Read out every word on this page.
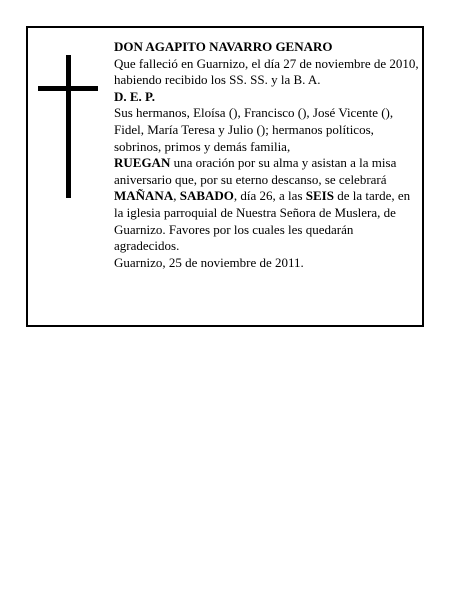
DON AGAPITO NAVARRO GENARO

Que falleció en Guarnizo, el día 27 de noviembre de 2010, habiendo recibido los SS. SS. y la B. A.

D. E. P.

Sus hermanos, Eloísa (), Francisco (), José Vicente (), Fidel, María Teresa y Julio (); hermanos políticos, sobrinos, primos y demás familia,

RUEGAN una oración por su alma y asistan a la misa aniversario que, por su eterno descanso, se celebrará MAÑANA, SABADO, día 26, a las SEIS de la tarde, en la iglesia parroquial de Nuestra Señora de Muslera, de Guarnizo. Favores por los cuales les quedarán agradecidos.

Guarnizo, 25 de noviembre de 2011.
